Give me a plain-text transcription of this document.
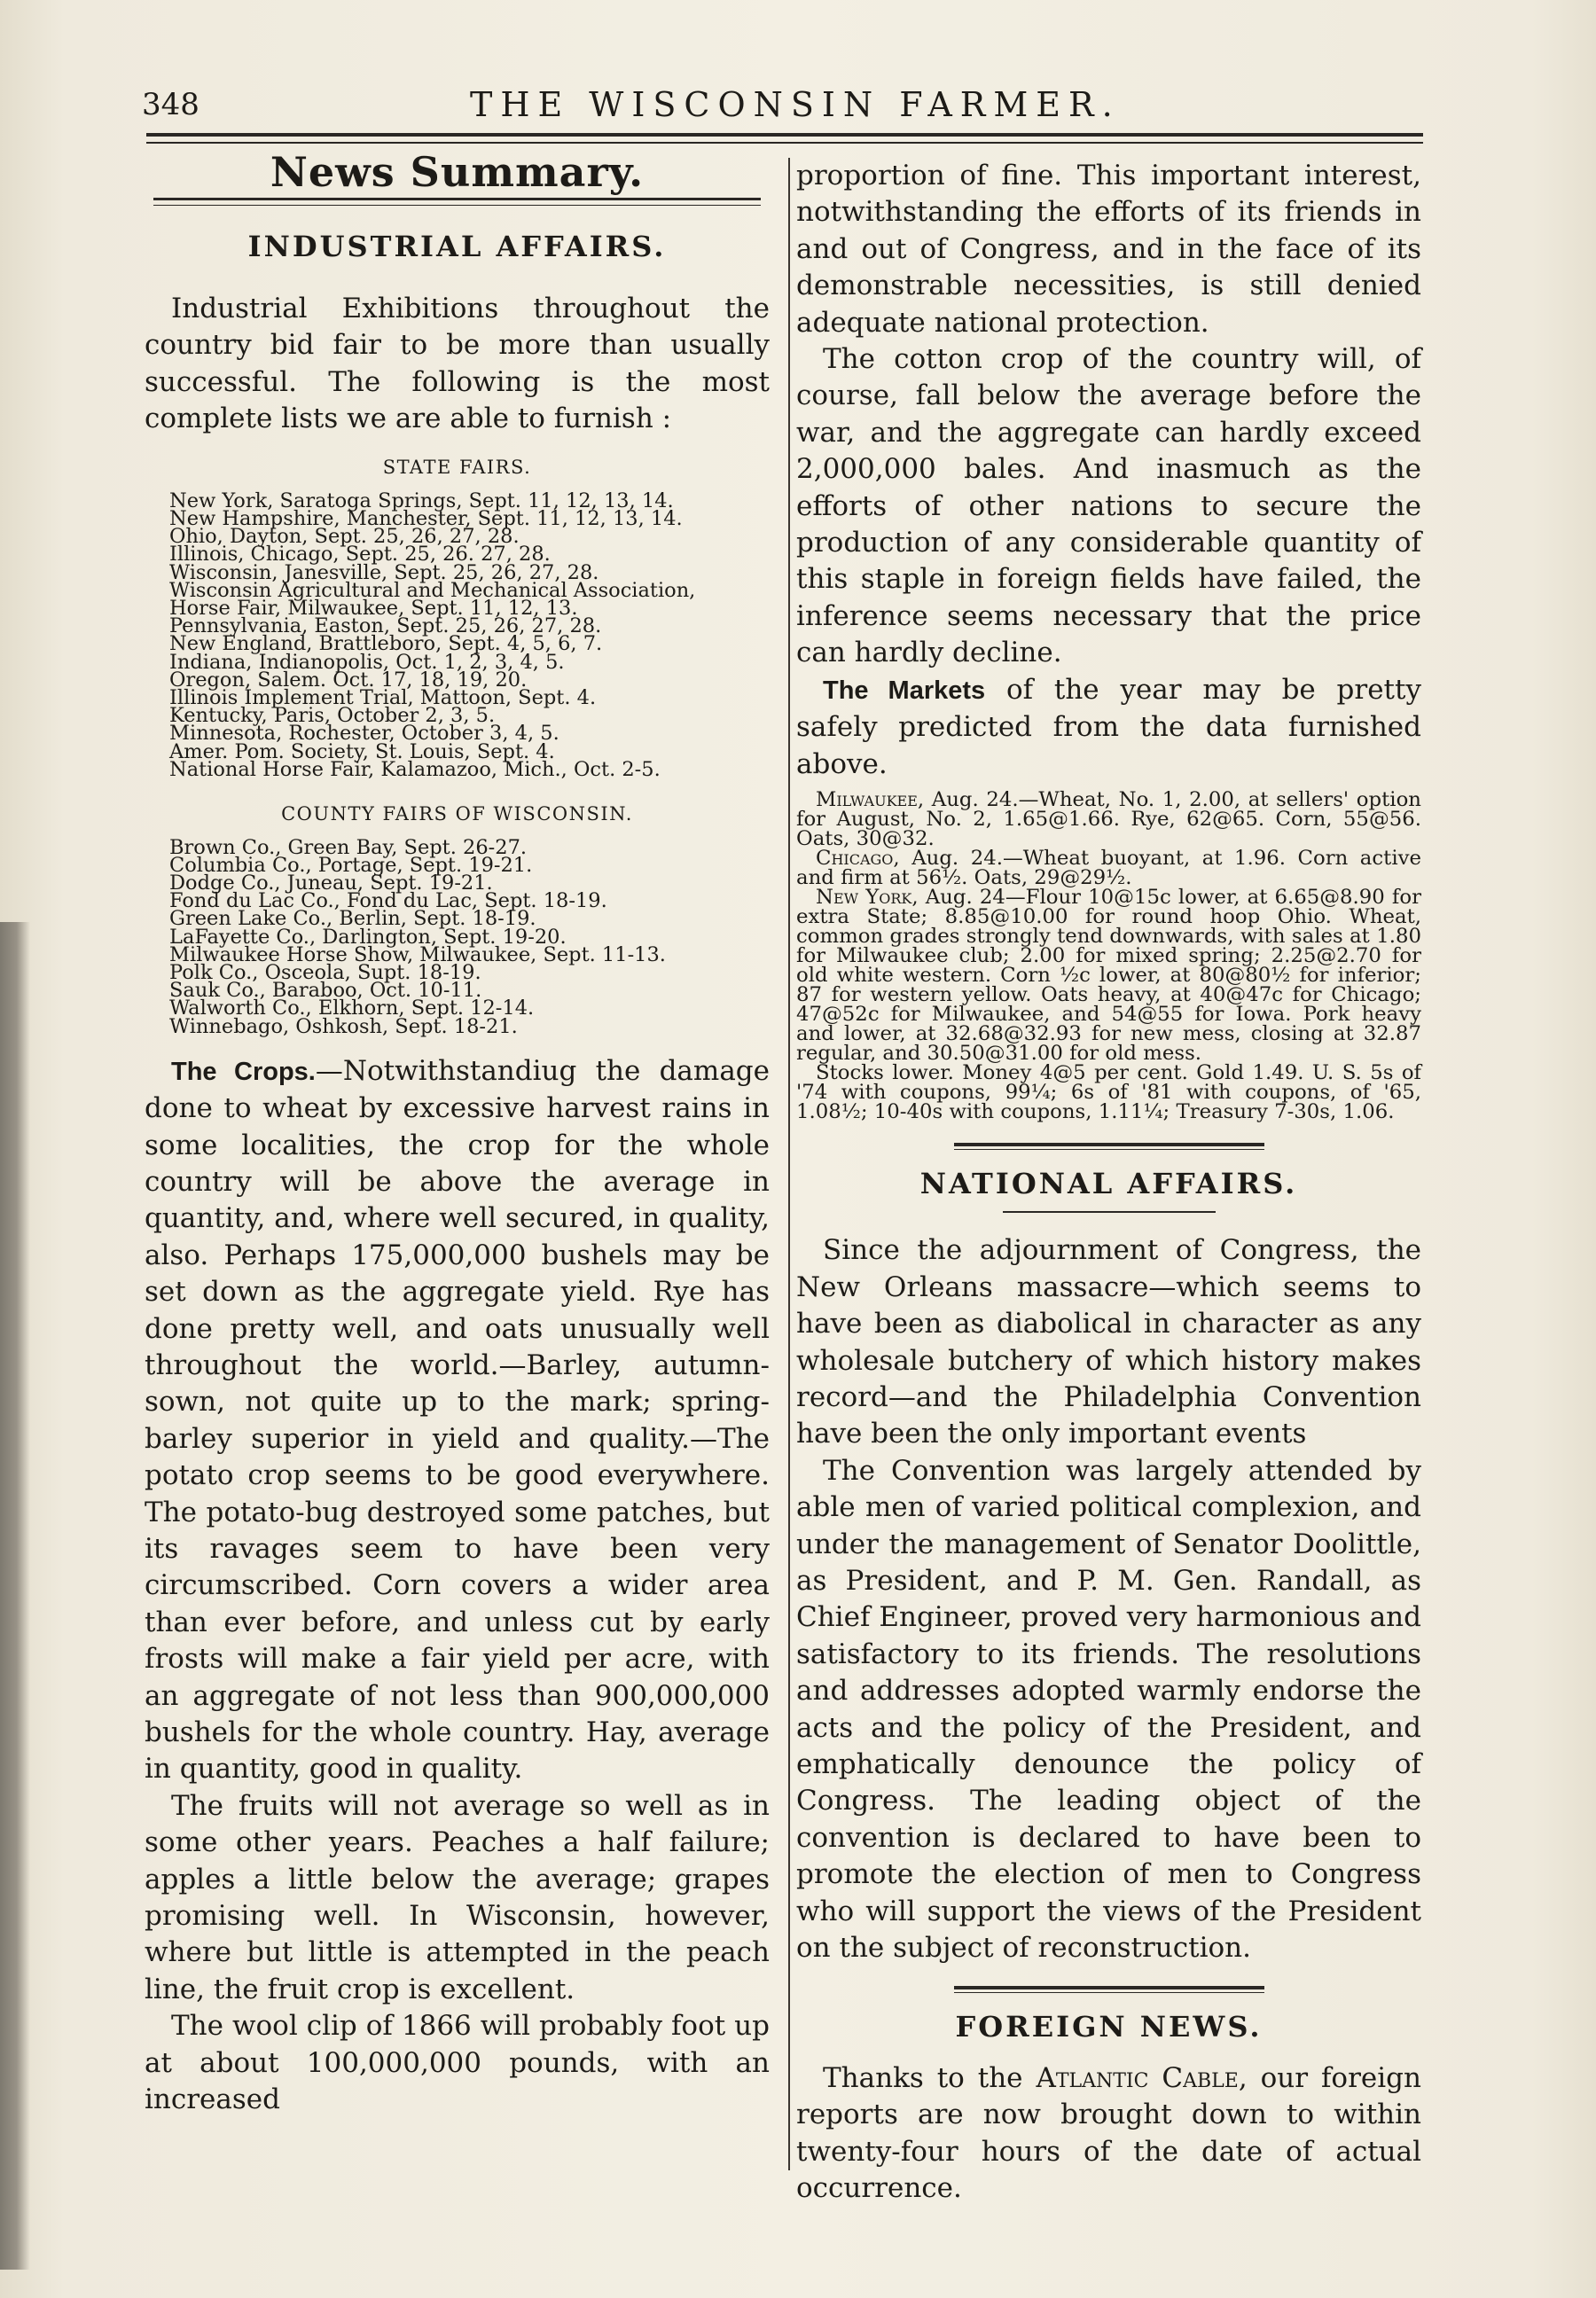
348	THE WISCONSIN FARMER.
News Summary.
INDUSTRIAL AFFAIRS.

Industrial Exhibitions throughout the country bid fair to be more than usually successful. The following is the most complete lists we are able to furnish :

STATE FAIRS.
New York, Saratoga Springs, Sept. 11, 12, 13, 14.
New Hampshire, Manchester, Sept. 11, 12, 13, 14.
Ohio, Dayton, Sept. 25, 26, 27, 28.
Illinois, Chicago, Sept. 25, 26. 27, 28.
Wisconsin, Janesville, Sept. 25, 26, 27, 28.
Wisconsin Agricultural and Mechanical Association,
Horse Fair, Milwaukee, Sept. 11, 12, 13.
Pennsylvania, Easton, Sept. 25, 26, 27, 28.
New England, Brattleboro, Sept. 4, 5, 6, 7.
Indiana, Indianopolis, Oct. 1, 2, 3, 4, 5.
Oregon, Salem. Oct. 17, 18, 19, 20.
Illinois Implement Trial, Mattoon, Sept. 4.
Kentucky, Paris, October 2, 3, 5.
Minnesota, Rochester, October 3, 4, 5.
Amer. Pom. Society, St. Louis, Sept. 4.
National Horse Fair, Kalamazoo, Mich., Oct. 2-5.
COUNTY FAIRS OF WISCONSIN.
Brown Co., Green Bay, Sept. 26-27.
Columbia Co., Portage, Sept. 19-21.
Dodge Co., Juneau, Sept. 19-21.
Fond du Lac Co., Fond du Lac, Sept. 18-19.
Green Lake Co., Berlin, Sept. 18-19.
LaFayette Co., Darlington, Sept. 19-20.
Milwaukee Horse Show, Milwaukee, Sept. 11-13.
Polk Co., Osceola, Supt. 18-19.
Sauk Co., Baraboo, Oct. 10-11.
Walworth Co., Elkhorn, Sept. 12-14.
Winnebago, Oshkosh, Sept. 18-21.

The Crops.—Notwithstandiug the damage done to wheat by excessive harvest rains in some localities, the crop for the whole country will be above the average in quantity, and, where well secured, in quality, also. Perhaps 175,000,000 bushels may be set down as the aggregate yield. Rye has done pretty well, and oats unusually well throughout the world.—Barley, autumn-sown, not quite up to the mark; spring-barley superior in yield and quality.—The potato crop seems to be good everywhere. The potato-bug destroyed some patches, but its ravages seem to have been very circumscribed. Corn covers a wider area than ever before, and unless cut by early frosts will make a fair yield per acre, with an aggregate of not less than 900,000,000 bushels for the whole country. Hay, average in quantity, good in quality.

The fruits will not average so well as in some other years. Peaches a half failure; apples a little below the average; grapes promising well. In Wisconsin, however, where but little is attempted in the peach line, the fruit crop is excellent.

The wool clip of 1866 will probably foot up at about 100,000,000 pounds, with an increased

proportion of fine. This important interest, notwithstanding the efforts of its friends in and out of Congress, and in the face of its demonstrable necessities, is still denied adequate national protection.

The cotton crop of the country will, of course, fall below the average before the war, and the aggregate can hardly exceed 2,000,000 bales. And inasmuch as the efforts of other nations to secure the production of any considerable quantity of this staple in foreign fields have failed, the inference seems necessary that the price can hardly decline.

The Markets of the year may be pretty safely predicted from the data furnished above.

Milwaukee, Aug. 24.—Wheat, No. 1, 2.00, at sellers' option for August, No. 2, 1.65@1.66. Rye, 62@65. Corn, 55@56. Oats, 30@32.

Chicago, Aug. 24.—Wheat buoyant, at 1.96. Corn active and firm at 56½. Oats, 29@29½.

New York, Aug. 24—Flour 10@15c lower, at 6.65@8.90 for extra State; 8.85@10.00 for round hoop Ohio. Wheat, common grades strongly tend downwards, with sales at 1.80 for Milwaukee club; 2.00 for mixed spring; 2.25@2.70 for old white western. Corn ½c lower, at 80@80½ for inferior; 87 for western yellow. Oats heavy, at 40@47c for Chicago; 47@52c for Milwaukee, and 54@55 for Iowa. Pork heavy and lower, at 32.68@32.93 for new mess, closing at 32.87 regular, and 30.50@31.00 for old mess.

Stocks lower. Money 4@5 per cent. Gold 1.49. U. S. 5s of '74 with coupons, 99¼; 6s of '81 with coupons, of '65, 1.08½; 10-40s with coupons, 1.11¼; Treasury 7-30s, 1.06.

NATIONAL AFFAIRS.

Since the adjournment of Congress, the New Orleans massacre—which seems to have been as diabolical in character as any wholesale butchery of which history makes record—and the Philadelphia Convention have been the only important events

The Convention was largely attended by able men of varied political complexion, and under the management of Senator Doolittle, as President, and P. M. Gen. Randall, as Chief Engineer, proved very harmonious and satisfactory to its friends. The resolutions and addresses adopted warmly endorse the acts and the policy of the President, and emphatically denounce the policy of Congress. The leading object of the convention is declared to have been to promote the election of men to Congress who will support the views of the President on the subject of reconstruction.

FOREIGN NEWS.

Thanks to the Atlantic Cable, our foreign reports are now brought down to within twenty-four hours of the date of actual occurrence.
